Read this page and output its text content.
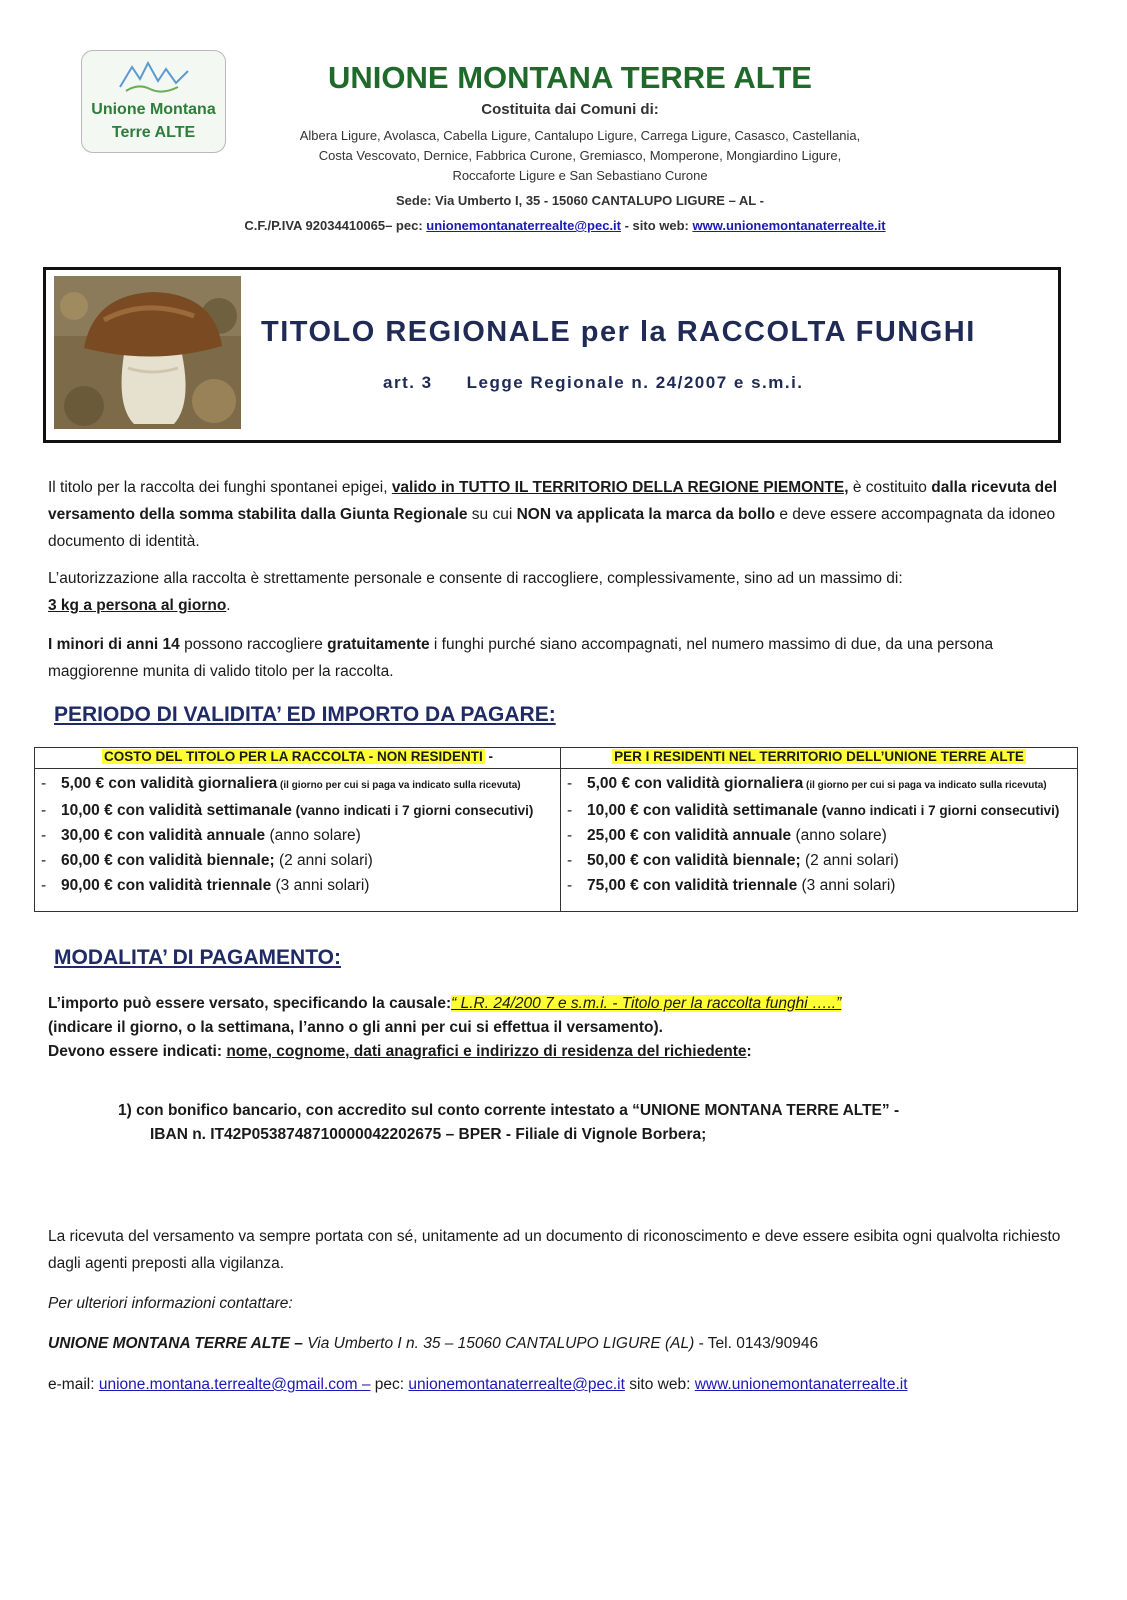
Unione Montana
Terre ALTE
UNIONE MONTANA TERRE ALTE
Costituita dai Comuni di:
Albera Ligure, Avolasca, Cabella Ligure, Cantalupo Ligure, Carrega Ligure, Casasco, Castellania,
Costa Vescovato, Dernice, Fabbrica Curone, Gremiasco, Momperone, Mongiardino Ligure,
Roccaforte Ligure e San Sebastiano Curone
Sede: Via Umberto I, 35 - 15060 CANTALUPO LIGURE – AL -
C.F./P.IVA 92034410065– pec: unionemontanaterrealte@pec.it - sito web: www.unionemontanaterrealte.it
TITOLO REGIONALE per la RACCOLTA FUNGHI
art. 3 Legge Regionale n. 24/2007 e s.m.i.
Il titolo per la raccolta dei funghi spontanei epigei, valido in TUTTO IL TERRITORIO DELLA REGIONE PIEMONTE, è costituito dalla ricevuta del versamento della somma stabilita dalla Giunta Regionale su cui NON va applicata la marca da bollo e deve essere accompagnata da idoneo documento di identità.
L’autorizzazione alla raccolta è strettamente personale e consente di raccogliere, complessivamente, sino ad un massimo di:
3 kg a persona al giorno.
I minori di anni 14 possono raccogliere gratuitamente i funghi purché siano accompagnati, nel numero massimo di due, da una persona maggiorenne munita di valido titolo per la raccolta.
PERIODO DI VALIDITA’ ED IMPORTO DA PAGARE:
COSTO DEL TITOLO PER LA RACCOLTA - NON RESIDENTI -
- 5,00 € con validità giornaliera (il giorno per cui si paga va indicato sulla ricevuta)
- 10,00 € con validità settimanale (vanno indicati i 7 giorni consecutivi)
- 30,00 € con validità annuale (anno solare)
- 60,00 € con validità biennale; (2 anni solari)
- 90,00 € con validità triennale (3 anni solari)
PER I RESIDENTI NEL TERRITORIO DELL’UNIONE TERRE ALTE
- 5,00 € con validità giornaliera (il giorno per cui si paga va indicato sulla ricevuta)
- 10,00 € con validità settimanale (vanno indicati i 7 giorni consecutivi)
- 25,00 € con validità annuale (anno solare)
- 50,00 € con validità biennale; (2 anni solari)
- 75,00 € con validità triennale (3 anni solari)
MODALITA’ DI PAGAMENTO:
L’importo può essere versato, specificando la causale:“ L.R. 24/200 7 e s.m.i. - Titolo per la raccolta funghi …..”
(indicare il giorno, o la settimana, l’anno o gli anni per cui si effettua il versamento).
Devono essere indicati: nome, cognome, dati anagrafici e indirizzo di residenza del richiedente:
1) con bonifico bancario, con accredito sul conto corrente intestato a “UNIONE MONTANA TERRE ALTE” -
IBAN n. IT42P0538748710000042202675 – BPER - Filiale di Vignole Borbera;
La ricevuta del versamento va sempre portata con sé, unitamente ad un documento di riconoscimento e deve essere esibita ogni qualvolta richiesto dagli agenti preposti alla vigilanza.
Per ulteriori informazioni contattare:
UNIONE MONTANA TERRE ALTE – Via Umberto I n. 35 – 15060 CANTALUPO LIGURE (AL) - Tel. 0143/90946
e-mail: unione.montana.terrealte@gmail.com – pec: unionemontanaterrealte@pec.it sito web: www.unionemontanaterrealte.it
